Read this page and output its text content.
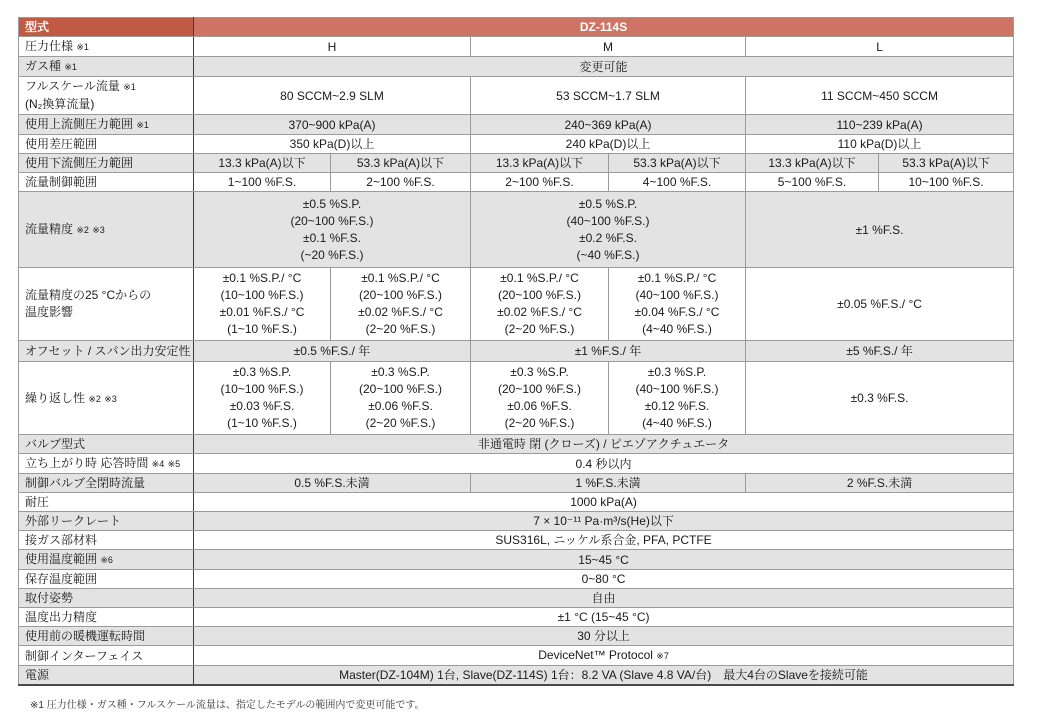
型式	DZ-114S					
圧力仕様 ※1	H		M		L	
ガス種 ※1	変更可能					
フルスケール流量 ※1
(N₂換算流量)	80 SCCM~2.9 SLM		53 SCCM~1.7 SLM		11 SCCM~450 SCCM	
使用上流側圧力範囲 ※1	370~900 kPa(A)		240~369 kPa(A)		110~239 kPa(A)	
使用差圧範囲	350 kPa(D)以上		240 kPa(D)以上		110 kPa(D)以上	
使用下流側圧力範囲	13.3 kPa(A)以下	53.3 kPa(A)以下	13.3 kPa(A)以下	53.3 kPa(A)以下	13.3 kPa(A)以下	53.3 kPa(A)以下
流量制御範囲	1~100 %F.S.	2~100 %F.S.	2~100 %F.S.	4~100 %F.S.	5~100 %F.S.	10~100 %F.S.
流量精度 ※2 ※3	±0.5 %S.P.
(20~100 %F.S.)
±0.1 %F.S.
(~20 %F.S.)		±0.5 %S.P.
(40~100 %F.S.)
±0.2 %F.S.
(~40 %F.S.)		±1 %F.S.	
流量精度の25 °Cからの
温度影響	±0.1 %S.P./ °C
(10~100 %F.S.)
±0.01 %F.S./ °C
(1~10 %F.S.)	±0.1 %S.P./ °C
(20~100 %F.S.)
±0.02 %F.S./ °C
(2~20 %F.S.)	±0.1 %S.P./ °C
(20~100 %F.S.)
±0.02 %F.S./ °C
(2~20 %F.S.)	±0.1 %S.P./ °C
(40~100 %F.S.)
±0.04 %F.S./ °C
(4~40 %F.S.)	±0.05 %F.S./ °C	
オフセット / スパン出力安定性	±0.5 %F.S./ 年		±1 %F.S./ 年		±5 %F.S./ 年	
繰り返し性 ※2 ※3	±0.3 %S.P.
(10~100 %F.S.)
±0.03 %F.S.
(1~10 %F.S.)	±0.3 %S.P.
(20~100 %F.S.)
±0.06 %F.S.
(2~20 %F.S.)	±0.3 %S.P.
(20~100 %F.S.)
±0.06 %F.S.
(2~20 %F.S.)	±0.3 %S.P.
(40~100 %F.S.)
±0.12 %F.S.
(4~40 %F.S.)	±0.3 %F.S.	
バルブ型式	非通電時 閉 (クローズ) / ピエゾアクチュエータ					
立ち上がり時 応答時間 ※4 ※5	0.4 秒以内					
制御バルブ全閉時流量	0.5 %F.S.未満		1 %F.S.未満		2 %F.S.未満	
耐圧	1000 kPa(A)					
外部リークレート	7 × 10⁻¹¹ Pa·m³/s(He)以下					
接ガス部材料	SUS316L, ニッケル系合金, PFA, PCTFE					
使用温度範囲 ※6	15~45 °C					
保存温度範囲	0~80 °C					
取付姿勢	自由					
温度出力精度	±1 °C (15~45 °C)					
使用前の暖機運転時間	30 分以上					
制御インターフェイス	DeviceNet™ Protocol ※7					
電源	Master(DZ-104M) 1台, Slave(DZ-114S) 1台：8.2 VA (Slave 4.8 VA/台)　最大4台のSlaveを接続可能					
※1 圧力仕様・ガス種・フルスケール流量は、指定したモデルの範囲内で変更可能です。
